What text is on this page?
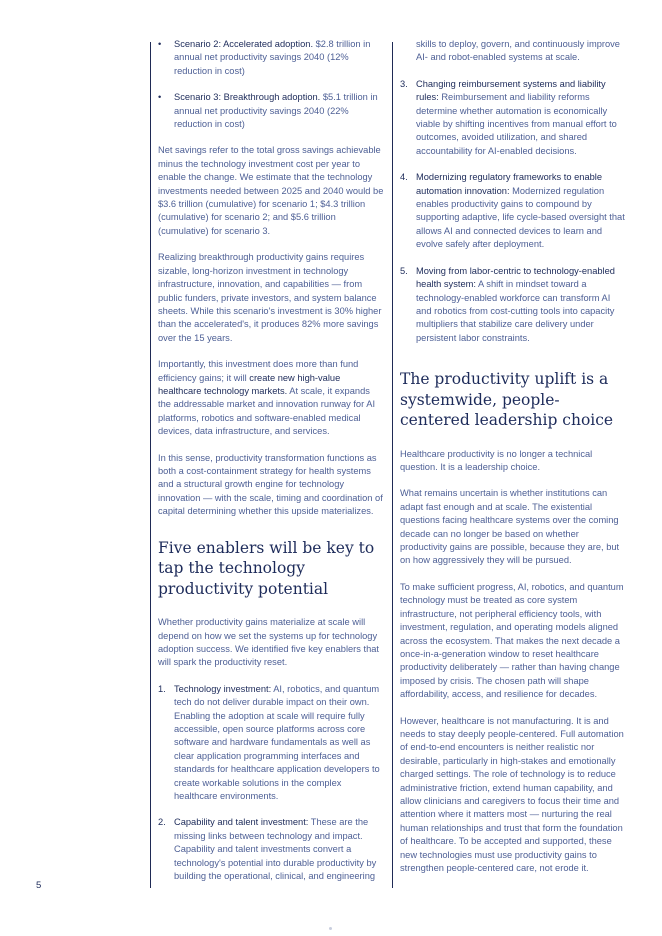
• Scenario 2: Accelerated adoption. $2.8 trillion in annual net productivity savings 2040 (12% reduction in cost)
• Scenario 3: Breakthrough adoption. $5.1 trillion in annual net productivity savings 2040 (22% reduction in cost)

Net savings refer to the total gross savings achievable minus the technology investment cost per year to enable the change. We estimate that the technology investments needed between 2025 and 2040 would be $3.6 trillion (cumulative) for scenario 1; $4.3 trillion (cumulative) for scenario 2; and $5.6 trillion (cumulative) for scenario 3.

Realizing breakthrough productivity gains requires sizable, long-horizon investment in technology infrastructure, innovation, and capabilities — from public funders, private investors, and system balance sheets. While this scenario's investment is 30% higher than the accelerated's, it produces 82% more savings over the 15 years.

Importantly, this investment does more than fund efficiency gains; it will create new high-value healthcare technology markets. At scale, it expands the addressable market and innovation runway for AI platforms, robotics and software-enabled medical devices, data infrastructure, and services.

In this sense, productivity transformation functions as both a cost-containment strategy for health systems and a structural growth engine for technology innovation — with the scale, timing and coordination of capital determining whether this upside materializes.

Five enablers will be key to tap the technology productivity potential

Whether productivity gains materialize at scale will depend on how we set the systems up for technology adoption success. We identified five key enablers that will spark the productivity reset.

1. Technology investment: AI, robotics, and quantum tech do not deliver durable impact on their own. Enabling the adoption at scale will require fully accessible, open source platforms across core software and hardware fundamentals as well as clear application programming interfaces and standards for healthcare application developers to create workable solutions in the complex healthcare environments.
2. Capability and talent investment: These are the missing links between technology and impact. Capability and talent investments convert a technology's potential into durable productivity by building the operational, clinical, and engineering

skills to deploy, govern, and continuously improve AI- and robot-enabled systems at scale.

3. Changing reimbursement systems and liability rules: Reimbursement and liability reforms determine whether automation is economically viable by shifting incentives from manual effort to outcomes, avoided utilization, and shared accountability for AI-enabled decisions.
4. Modernizing regulatory frameworks to enable automation innovation: Modernized regulation enables productivity gains to compound by supporting adaptive, life cycle-based oversight that allows AI and connected devices to learn and evolve safely after deployment.
5. Moving from labor-centric to technology-enabled health system: A shift in mindset toward a technology-enabled workforce can transform AI and robotics from cost-cutting tools into capacity multipliers that stabilize care delivery under persistent labor constraints.
The productivity uplift is a systemwide, people-centered leadership choice

Healthcare productivity is no longer a technical question. It is a leadership choice.

What remains uncertain is whether institutions can adapt fast enough and at scale. The existential questions facing healthcare systems over the coming decade can no longer be based on whether productivity gains are possible, because they are, but on how aggressively they will be pursued.

To make sufficient progress, AI, robotics, and quantum technology must be treated as core system infrastructure, not peripheral efficiency tools, with investment, regulation, and operating models aligned across the ecosystem. That makes the next decade a once-in-a-generation window to reset healthcare productivity deliberately — rather than having change imposed by crisis. The chosen path will shape affordability, access, and resilience for decades.

However, healthcare is not manufacturing. It is and needs to stay deeply people-centered. Full automation of end-to-end encounters is neither realistic nor desirable, particularly in high-stakes and emotionally charged settings. The role of technology is to reduce administrative friction, extend human capability, and allow clinicians and caregivers to focus their time and attention where it matters most — nurturing the real human relationships and trust that form the foundation of healthcare. To be accepted and supported, these new technologies must use productivity gains to strengthen people-centered care, not erode it.

5
